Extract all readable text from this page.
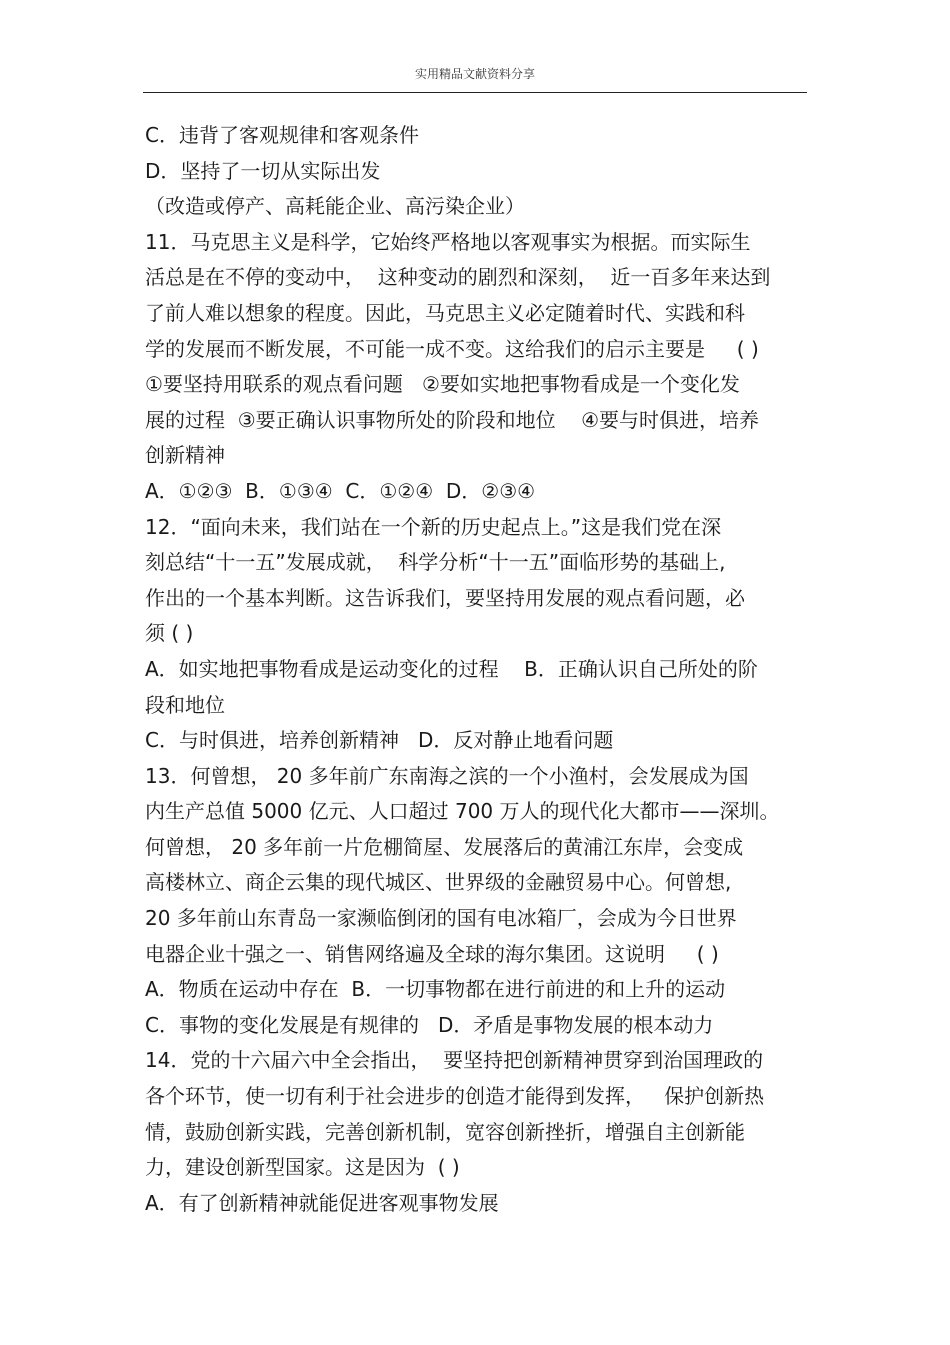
实用精品文献资料分享
C．违背了客观规律和客观条件
D．坚持了一切从实际出发
（改造或停产、高耗能企业、高污染企业）
11．马克思主义是科学，它始终严格地以客观事实为根据。而实际生
活总是在不停的变动中，  这种变动的剧烈和深刻，  近一百多年来达到
了前人难以想象的程度。因此，马克思主义必定随着时代、实践和科
学的发展而不断发展，不可能一成不变。这给我们的启示主要是     ( )
①要坚持用联系的观点看问题   ②要如实地把事物看成是一个变化发
展的过程  ③要正确认识事物所处的阶段和地位    ④要与时俱进，培养
创新精神
A．①②③  B．①③④  C．①②④  D．②③④
12．“面向未来，我们站在一个新的历史起点上。”这是我们党在深
刻总结“十一五”发展成就，  科学分析“十一五”面临形势的基础上,
作出的一个基本判断。这告诉我们，要坚持用发展的观点看问题，必
须 ( )
A．如实地把事物看成是运动变化的过程    B．正确认识自己所处的阶
段和地位
C．与时俱进，培养创新精神   D．反对静止地看问题
13．何曾想， 20 多年前广东南海之滨的一个小渔村，会发展成为国
内生产总值 5000 亿元、人口超过 700 万人的现代化大都市——深圳。
何曾想， 20 多年前一片危棚简屋、发展落后的黄浦江东岸，会变成
高楼林立、商企云集的现代城区、世界级的金融贸易中心。何曾想,
20 多年前山东青岛一家濒临倒闭的国有电冰箱厂，会成为今日世界
电器企业十强之一、销售网络遍及全球的海尔集团。这说明     ( )
A．物质在运动中存在  B．一切事物都在进行前进的和上升的运动
C．事物的变化发展是有规律的   D．矛盾是事物发展的根本动力
14．党的十六届六中全会指出，  要坚持把创新精神贯穿到治国理政的
各个环节，使一切有利于社会进步的创造才能得到发挥，   保护创新热
情，鼓励创新实践，完善创新机制，宽容创新挫折，增强自主创新能
力，建设创新型国家。这是因为  ( )
A．有了创新精神就能促进客观事物发展
